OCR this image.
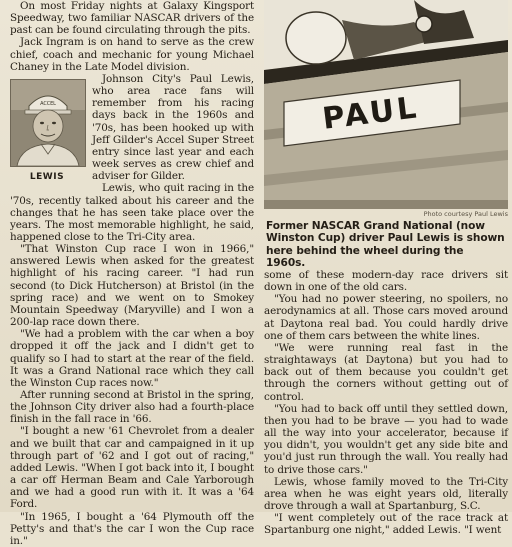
On most Friday nights at Galaxy Kingsport Speedway, two familiar NASCAR drivers of the past can be found circulating through the pits.

Jack Ingram is on hand to serve as the crew chief, coach and mechanic for young Michael Chaney in the Late Model division.

ACCEL
LEWIS

Johnson City's Paul Lewis, who area race fans will remember from his racing days back in the 1960s and '70s, has been hooked up with Jeff Gilder's Accel Super Street entry since last year and each week serves as crew chief and adviser for Gilder.

Lewis, who quit racing in the '70s, recently talked about his career and the changes that he has seen take place over the years. The most memorable highlight, he said, happened close to the Tri-City area.

"That Winston Cup race I won in 1966," answered Lewis when asked for the greatest highlight of his racing career. "I had run second (to Dick Hutcherson) at Bristol (in the spring race) and we went on to Smokey Mountain Speedway (Maryville) and I won a 200-lap race down there.

"We had a problem with the car when a boy dropped it off the jack and I didn't get to qualify so I had to start at the rear of the field. It was a Grand National race which they call the Winston Cup races now."

After running second at Bristol in the spring, the Johnson City driver also had a fourth-place finish in the fall race in '66.

"I bought a new '61 Chevrolet from a dealer and we built that car and campaigned in it up through part of '62 and I got out of racing," added Lewis. "When I got back into it, I bought a car off Herman Beam and Cale Yarborough and we had a good run with it. It was a '64 Ford.

"In 1965, I bought a '64 Plymouth off the Petty's and that's the car I won the Cup race in."

PAUL
Photo courtesy Paul Lewis
Former NASCAR Grand National (now Winston Cup) driver Paul Lewis is shown here behind the wheel during the 1960s.

some of these modern-day race drivers sit down in one of the old cars.

"You had no power steering, no spoilers, no aerodynamics at all. Those cars moved around at Daytona real bad. You could hardly drive one of them cars between the white lines.

"We were running real fast in the straightaways (at Daytona) but you had to back out of them because you couldn't get through the corners without getting out of control.

"You had to back off until they settled down, then you had to be brave — you had to wade all the way into your accelerator, because if you didn't, you wouldn't get any side bite and you'd just run through the wall. You really had to drive those cars."

Lewis, whose family moved to the Tri-City area when he was eight years old, literally drove through a wall at Spartanburg, S.C.

"I went completely out of the race track at Spartanburg one night," added Lewis. "I went
